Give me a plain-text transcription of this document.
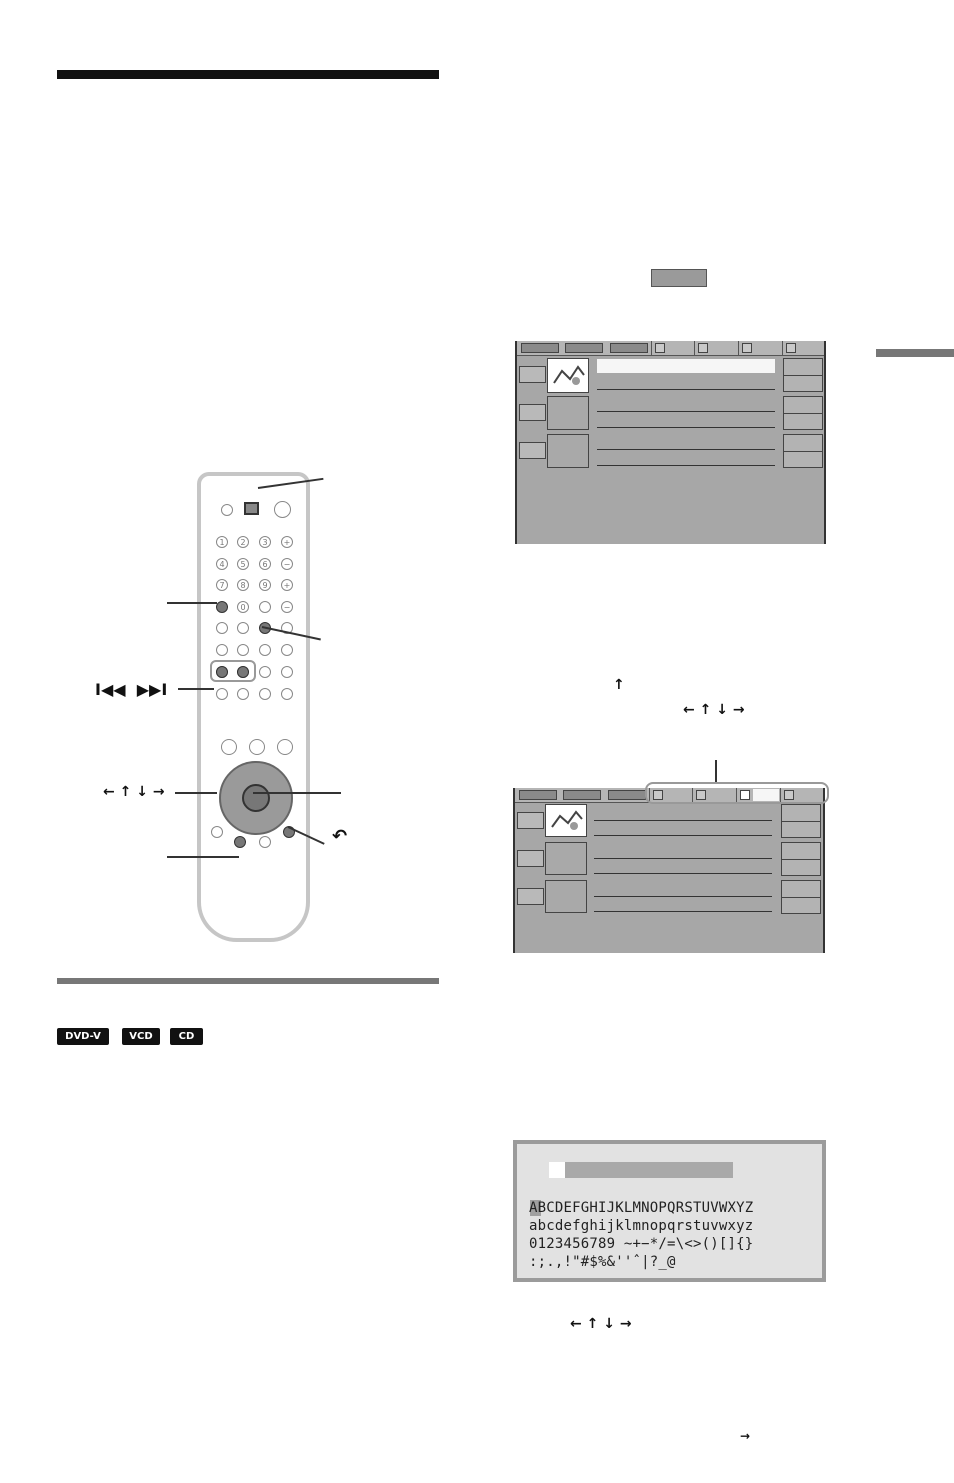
↑
← ↑ ↓ →
ABCDEFGHIJKLMNOPQRSTUVWXYZ
abcdefghijklmnopqrstuvwxyz
0123456789 ~+−*/=\<>()[]{}
:;.,!"#$%&''ˆ|?_@
← ↑ ↓ →
→
1	2	3	+
4	5	6	−
7	8	9	+
0	−
I◀◀  ▶▶I
← ↑ ↓ →
↶
DVD-V	VCD	CD
